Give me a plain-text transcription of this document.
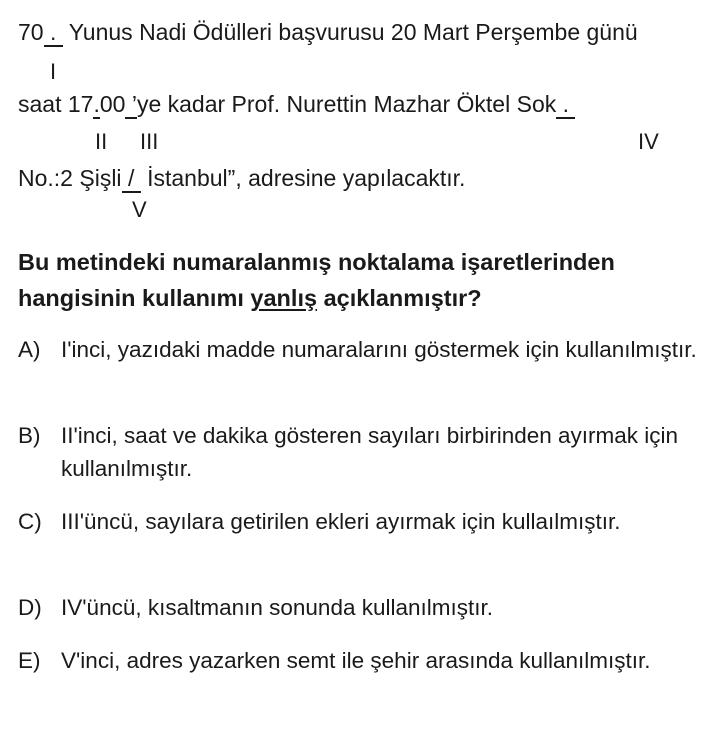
70 .  Yunus Nadi Ödülleri başvurusu 20 Mart Perşembe günü
I
saat 17.00 ’ye kadar Prof. Nurettin Mazhar Öktel Sok .
II III	IV
No.:2 Şişli /  İstanbul”, adresine yapılacaktır.
V
Bu metindeki numaralanmış noktalama işaretlerinden hangisinin kullanımı yanlış açıklanmıştır?
A) I'inci, yazıdaki madde numaralarını göstermek için kullanılmıştır.
B) II'inci, saat ve dakika gösteren sayıları birbirinden ayırmak için kullanılmıştır.
C) III'üncü, sayılara getirilen ekleri ayırmak için kullaılmıştır.
D) IV'üncü, kısaltmanın sonunda kullanılmıştır.
E) V'inci, adres yazarken semt ile şehir arasında kullanılmıştır.
